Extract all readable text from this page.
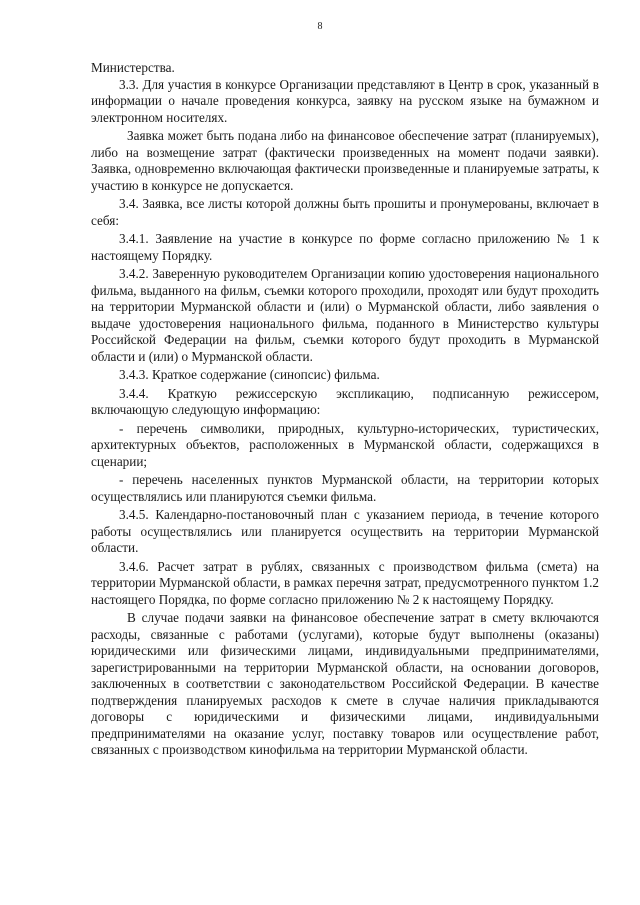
8

Министерства.

3.3. Для участия в конкурсе Организации представляют в Центр в срок, указанный в информации о начале проведения конкурса, заявку на русском языке на бумажном и электронном носителях.

Заявка может быть подана либо на финансовое обеспечение затрат (планируемых), либо на возмещение затрат (фактически произведенных на момент подачи заявки). Заявка, одновременно включающая фактически произведенные и планируемые затраты, к участию в конкурсе не допускается.

3.4. Заявка, все листы которой должны быть прошиты и пронумерованы, включает в себя:

3.4.1. Заявление на участие в конкурсе по форме согласно приложению № 1 к настоящему Порядку.

3.4.2. Заверенную руководителем Организации копию удостоверения национального фильма, выданного на фильм, съемки которого проходили, проходят или будут проходить на территории Мурманской области и (или) о Мурманской области, либо заявления о выдаче удостоверения национального фильма, поданного в Министерство культуры Российской Федерации на фильм, съемки которого будут проходить в Мурманской области и (или) о Мурманской области.

3.4.3. Краткое содержание (синопсис) фильма.

3.4.4. Краткую режиссерскую экспликацию, подписанную режиссером, включающую следующую информацию:

- перечень символики, природных, культурно-исторических, туристических, архитектурных объектов, расположенных в Мурманской области, содержащихся в сценарии;

- перечень населенных пунктов Мурманской области, на территории которых осуществлялись или планируются съемки фильма.

3.4.5. Календарно-постановочный план с указанием периода, в течение которого работы осуществлялись или планируется осуществить на территории Мурманской области.

3.4.6. Расчет затрат в рублях, связанных с производством фильма (смета) на территории Мурманской области, в рамках перечня затрат, предусмотренного пунктом 1.2 настоящего Порядка, по форме согласно приложению № 2 к настоящему Порядку.

В случае подачи заявки на финансовое обеспечение затрат в смету включаются расходы, связанные с работами (услугами), которые будут выполнены (оказаны) юридическими или физическими лицами, индивидуальными предпринимателями, зарегистрированными на территории Мурманской области, на основании договоров, заключенных в соответствии с законодательством Российской Федерации. В качестве подтверждения планируемых расходов к смете в случае наличия прикладываются договоры с юридическими и физическими лицами, индивидуальными предпринимателями на оказание услуг, поставку товаров или осуществление работ, связанных с производством кинофильма на территории Мурманской области.
